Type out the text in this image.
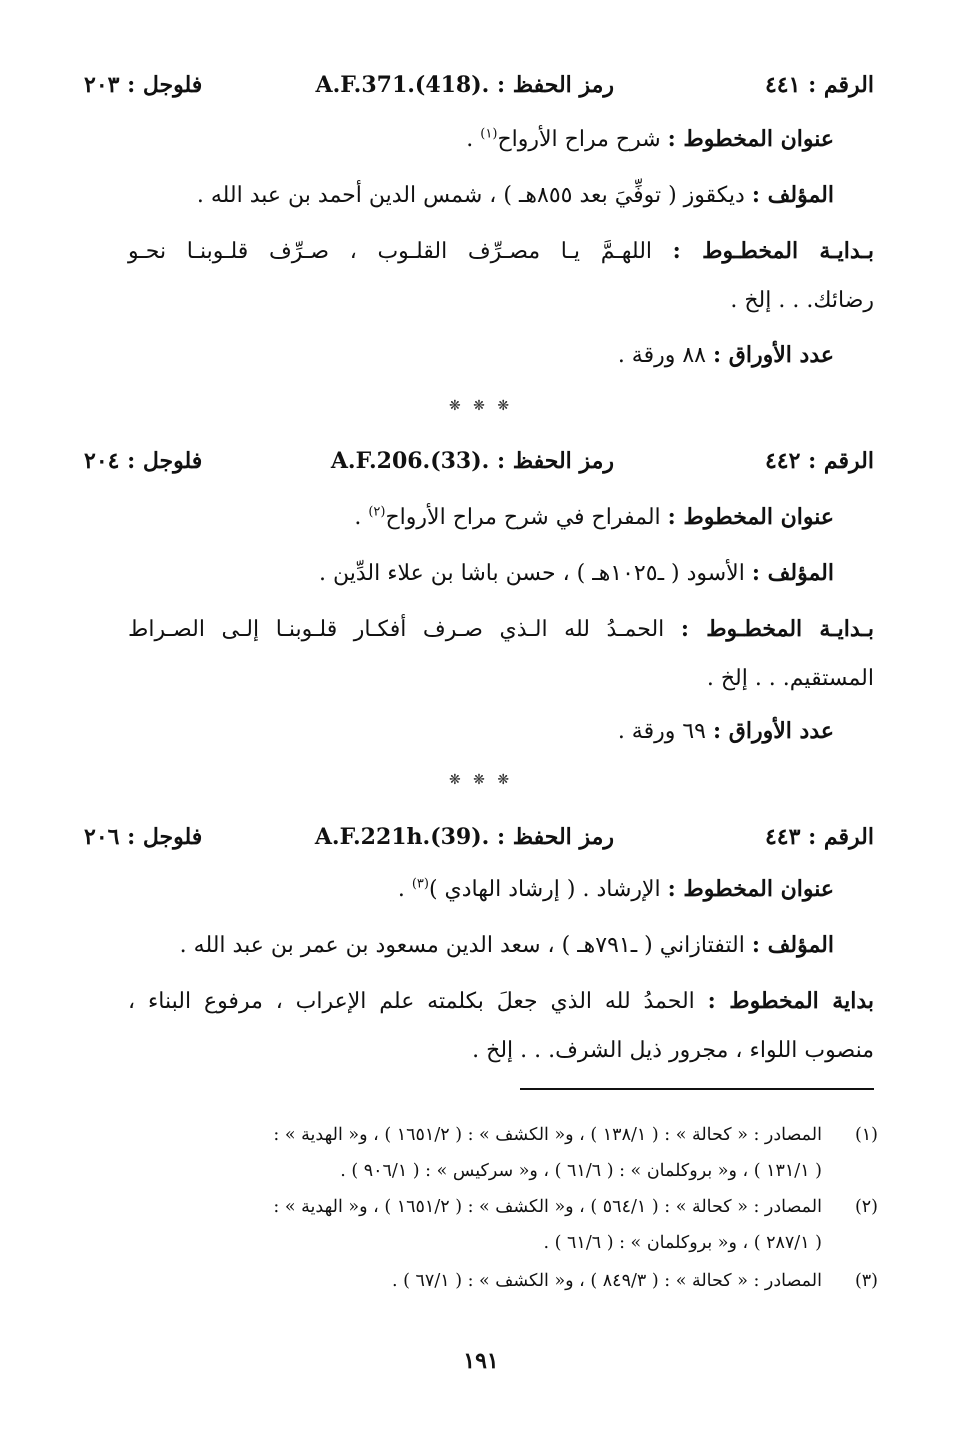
الرقم : ٤٤١
رمز الحفظ : A.F.371.(418).
فلوجل : ٢٠٣
عنوان المخطوط : شرح مراح الأرواح$^{(١)}$ .
المؤلف : ديكقوز ( توفِّيَ بعد ٨٥٥هـ ) ، شمس الدين أحمد بن عبد الله .
بـدايـة المخطـوط : اللهـمَّ يـا مصـرِّف القلـوب ، صـرِّف قلـوبنـا نحـو
رضائك. . . إلخ .
عدد الأوراق : ٨٨ ورقة .
❋ ❋ ❋
الرقم : ٤٤٢
رمز الحفظ : A.F.206.(33).
فلوجل : ٢٠٤
عنوان المخطوط : المفراح في شرح مراح الأرواح$^{(٢)}$ .
المؤلف : الأسود ( ـ١٠٢٥هـ ) ، حسن باشا بن علاء الدِّين .
بـدايـة المخطـوط : الحمـدُ لله الـذي صـرف أفكـار قلـوبنـا إلـى الصـراط
المستقيم. . . إلخ .
عدد الأوراق : ٦٩ ورقة .
❋ ❋ ❋
الرقم : ٤٤٣
رمز الحفظ : A.F.221h.(39).
فلوجل : ٢٠٦
عنوان المخطوط : الإرشاد . ( إرشاد الهادي )$^{(٣)}$ .
المؤلف : التفتازاني ( ـ٧٩١هـ ) ، سعد الدين مسعود بن عمر بن عبد الله .
بداية المخطوط : الحمدُ لله الذي جعلَ بكلمته علم الإعراب ، مرفوع البناء ،
منصوب اللواء ، مجرور ذيل الشرف. . . إلخ .
(١)
المصادر : « كحالة » : ( ١٣٨/١ ) ، و« الكشف » : ( ١٦٥١/٢ ) ، و« الهدية » :
( ١٣١/١ ) ، و« بروكلمان » : ( ٦١/٦ ) ، و« سركيس » : ( ٩٠٦/١ ) .
(٢)
المصادر : « كحالة » : ( ٥٦٤/١ ) ، و« الكشف » : ( ١٦٥١/٢ ) ، و« الهدية » :
( ٢٨٧/١ ) ، و« بروكلمان » : ( ٦١/٦ ) .
(٣)
المصادر : « كحالة » : ( ٨٤٩/٣ ) ، و« الكشف » : ( ٦٧/١ ) .
١٩١
